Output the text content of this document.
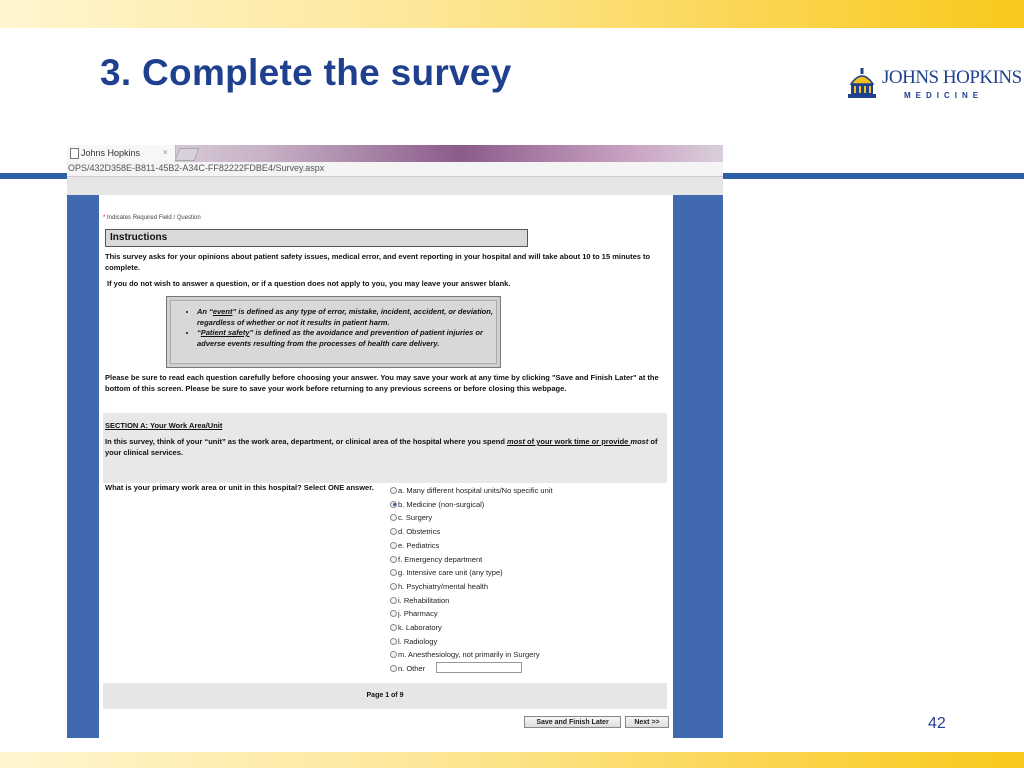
3. Complete the survey	JOHNS HOPKINS
MEDICINE
Johns Hopkins	×
OPS/432D358E-B811-45B2-A34C-FF82222FDBE4/Survey.aspx
* Indicates Required Field / Question
Instructions
This survey asks for your opinions about patient safety issues, medical error, and event reporting in your hospital and will take about 10 to 15 minutes to complete.
If you do not wish to answer a question, or if a question does not apply to you, you may leave your answer blank.
• An “event” is defined as any type of error, mistake, incident, accident, or deviation, regardless of whether or not it results in patient harm.
• “Patient safety” is defined as the avoidance and prevention of patient injuries or adverse events resulting from the processes of health care delivery.
Please be sure to read each question carefully before choosing your answer. You may save your work at any time by clicking "Save and Finish Later" at the bottom of this screen. Please be sure to save your work before returning to any previous screens or before closing this webpage.
SECTION A: Your Work Area/Unit
In this survey, think of your “unit” as the work area, department, or clinical area of the hospital where you spend most of your work time or provide most of your clinical services.
What is your primary work area or unit in this hospital? Select ONE answer.	a. Many different hospital units/No specific unit
b. Medicine (non-surgical)
c. Surgery
d. Obstetrics
e. Pediatrics
f. Emergency department
g. Intensive care unit (any type)
h. Psychiatry/mental health
i. Rehabilitation
j. Pharmacy
k. Laboratory
l. Radiology
m. Anesthesiology, not primarily in Surgery
n. Other
Page 1 of 9
Save and Finish Later	Next >>	42
